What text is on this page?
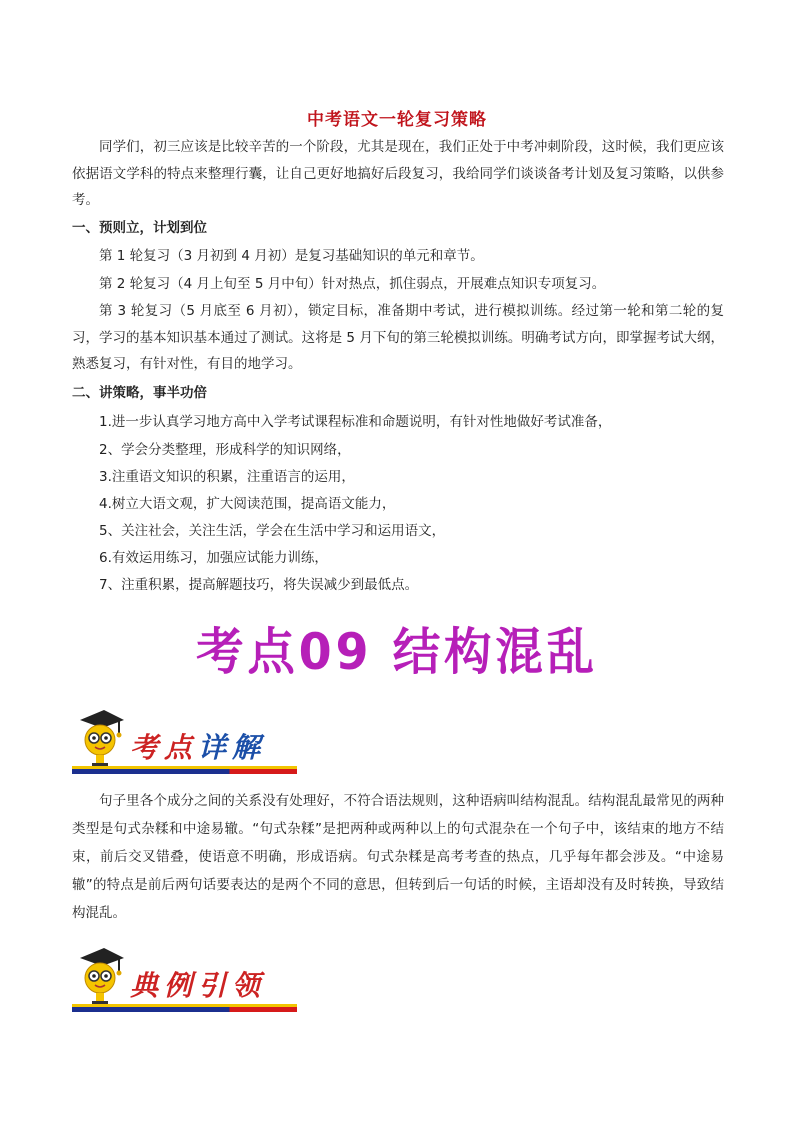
中考语文一轮复习策略

同学们，初三应该是比较辛苦的一个阶段，尤其是现在，我们正处于中考冲刺阶段，这时候，我们更应该依据语文学科的特点来整理行囊，让自己更好地搞好后段复习，我给同学们谈谈备考计划及复习策略，以供参考。

一、预则立，计划到位
第 1 轮复习（3 月初到 4 月初）是复习基础知识的单元和章节。
第 2 轮复习（4 月上旬至 5 月中旬）针对热点，抓住弱点，开展难点知识专项复习。

第 3 轮复习（5 月底至 6 月初），锁定目标，准备期中考试，进行模拟训练。经过第一轮和第二轮的复习，学习的基本知识基本通过了测试。这将是 5 月下旬的第三轮模拟训练。明确考试方向，即掌握考试大纲，熟悉复习，有针对性，有目的地学习。

二、讲策略，事半功倍
1.进一步认真学习地方高中入学考试课程标准和命题说明，有针对性地做好考试准备，
2、学会分类整理，形成科学的知识网络，
3.注重语文知识的积累，注重语言的运用，
4.树立大语文观，扩大阅读范围，提高语文能力，
5、关注社会，关注生活，学会在生活中学习和运用语文，
6.有效运用练习，加强应试能力训练，
7、注重积累，提高解题技巧，将失误减少到最低点。
考点09 结构混乱
考点详解

句子里各个成分之间的关系没有处理好，不符合语法规则，这种语病叫结构混乱。结构混乱最常见的两种类型是句式杂糅和中途易辙。“句式杂糅”是把两种或两种以上的句式混杂在一个句子中，该结束的地方不结束，前后交叉错叠，使语意不明确，形成语病。句式杂糅是高考考查的热点，几乎每年都会涉及。“中途易辙”的特点是前后两句话要表达的是两个不同的意思，但转到后一句话的时候，主语却没有及时转换，导致结构混乱。

典例引领
